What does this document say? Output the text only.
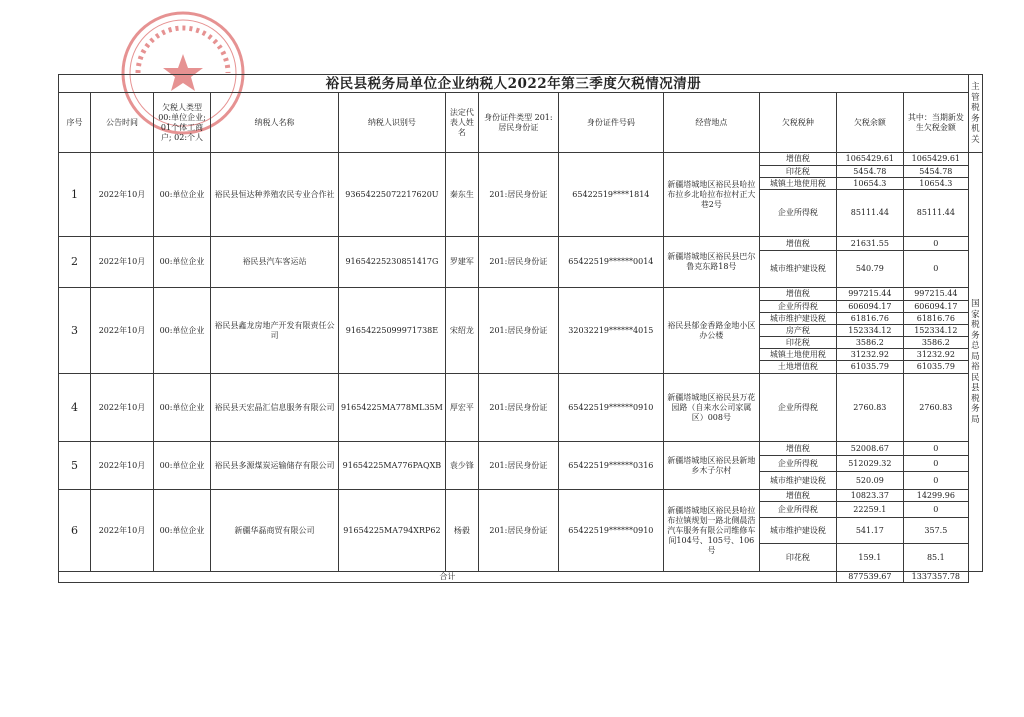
裕民县税务局单位企业纳税人2022年第三季度欠税情况清册												主管税务机关

序号	公告时间	欠税人类型 00:单位企业; 01个体工商户; 02:个人	纳税人名称	纳税人识别号	法定代表人姓名	身份证件类型 201:居民身份证	身份证件号码	经营地点	欠税税种	欠税余额	其中：当期新发生欠税金额	
1	2022年10月	00:单位企业	裕民县恒达种养殖农民专业合作社	93654225072217620U	秦东生	201:居民身份证	65422519****1814	新疆塔城地区裕民县哈拉布拉乡北哈拉布拉村正大巷2号	增值税	1065429.61	1065429.61	国家税务总局裕民县税务局

									印花税	5454.78	5454.78	
									城镇土地使用税	10654.3	10654.3	
									企业所得税	85111.44	85111.44	
2	2022年10月	00:单位企业	裕民县汽车客运站	91654225230851417G	罗建军	201:居民身份证	65422519******0014	新疆塔城地区裕民县巴尔鲁克东路18号	增值税	21631.55	0	
									城市维护建设税	540.79	0	
3	2022年10月	00:单位企业	裕民县鑫龙房地产开发有限责任公司	91654225099971738E	宋绍龙	201:居民身份证	32032219******4015	裕民县郁金香路金地小区办公楼	增值税	997215.44	997215.44	
									企业所得税	606094.17	606094.17	
									城市维护建设税	61816.76	61816.76	
									房产税	152334.12	152334.12	
									印花税	3586.2	3586.2	
									城镇土地使用税	31232.92	31232.92	
									土地增值税	61035.79	61035.79	
4	2022年10月	00:单位企业	裕民县天宏晶汇信息服务有限公司	91654225MA778ML35M	厚宏平	201:居民身份证	65422519******0910	新疆塔城地区裕民县万花园路（自来水公司家属区）008号	企业所得税	2760.83	2760.83	
5	2022年10月	00:单位企业	裕民县多源煤炭运输储存有限公司	91654225MA776PAQXB	袁少锋	201:居民身份证	65422519******0316	新疆塔城地区裕民县新地乡木子尔村	增值税	52008.67	0	
									企业所得税	512029.32	0	
									城市维护建设税	520.09	0	
6	2022年10月	00:单位企业	新疆华磊商贸有限公司	91654225MA794XRP62	杨毅	201:居民身份证	65422519******0910	新疆塔城地区裕民县哈拉布拉镇规划一路北侧晨浩汽车服务有限公司维修车间104号、105号、106号	增值税	10823.37	14299.96	
									企业所得税	22259.1	0	
									城市维护建设税	541.17	357.5	
									印花税	159.1	85.1	
合计										877539.67	1337357.78	
